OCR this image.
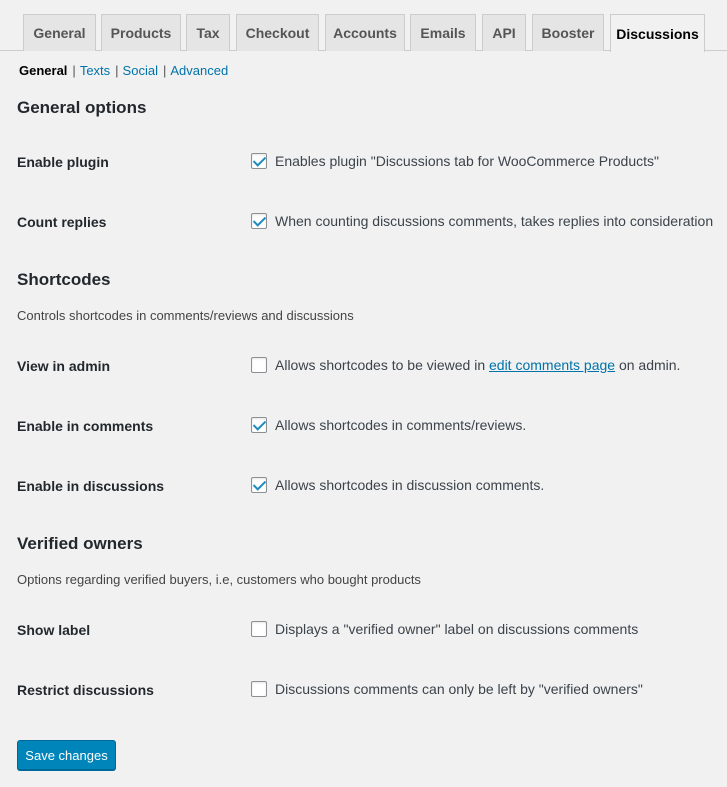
General	Products	Tax	Checkout	Accounts	Emails	API	Booster	Discussions
General | Texts | Social | Advanced
General options
Enable plugin	Enables plugin "Discussions tab for WooCommerce Products"
Count replies	When counting discussions comments, takes replies into consideration
Shortcodes
Controls shortcodes in comments/reviews and discussions
View in admin	Allows shortcodes to be viewed in
edit comments page
on admin.
Enable in comments	Allows shortcodes in comments/reviews.
Enable in discussions	Allows shortcodes in discussion comments.
Verified owners
Options regarding verified buyers, i.e, customers who bought products
Show label	Displays a "verified owner" label on discussions comments
Restrict discussions	Discussions comments can only be left by "verified owners"
Save changes
